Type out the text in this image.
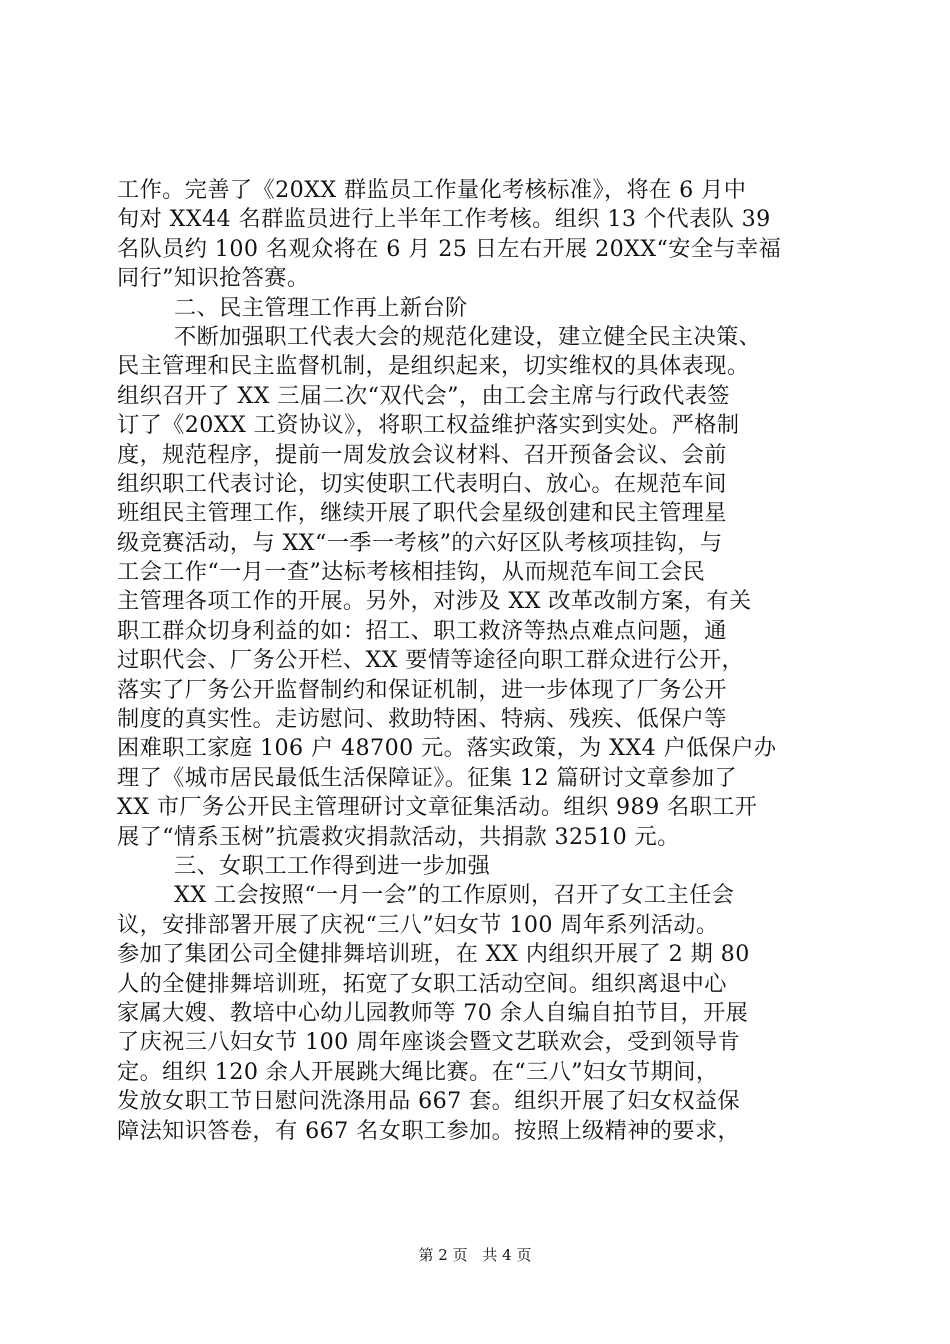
工作。完善了《20XX 群监员工作量化考核标准》，将在 6 月中
旬对 XX44 名群监员进行上半年工作考核。组织 13 个代表队 39
名队员约 100 名观众将在 6 月 25 日左右开展 20XX“安全与幸福
同行”知识抢答赛。
二、民主管理工作再上新台阶
不断加强职工代表大会的规范化建设，建立健全民主决策、
民主管理和民主监督机制，是组织起来，切实维权的具体表现。
组织召开了 XX 三届二次“双代会”，由工会主席与行政代表签
订了《20XX 工资协议》，将职工权益维护落实到实处。严格制
度，规范程序，提前一周发放会议材料、召开预备会议、会前
组织职工代表讨论，切实使职工代表明白、放心。在规范车间
班组民主管理工作，继续开展了职代会星级创建和民主管理星
级竞赛活动，与 XX“一季一考核”的六好区队考核项挂钩，与
工会工作“一月一查”达标考核相挂钩，从而规范车间工会民
主管理各项工作的开展。另外，对涉及 XX 改革改制方案，有关
职工群众切身利益的如：招工、职工救济等热点难点问题，通
过职代会、厂务公开栏、XX 要情等途径向职工群众进行公开，
落实了厂务公开监督制约和保证机制，进一步体现了厂务公开
制度的真实性。走访慰问、救助特困、特病、残疾、低保户等
困难职工家庭 106 户 48700 元。落实政策，为 XX4 户低保户办
理了《城市居民最低生活保障证》。征集 12 篇研讨文章参加了
XX 市厂务公开民主管理研讨文章征集活动。组织 989 名职工开
展了“情系玉树”抗震救灾捐款活动，共捐款 32510 元。
三、女职工工作得到进一步加强
XX 工会按照“一月一会”的工作原则，召开了女工主任会
议，安排部署开展了庆祝“三八”妇女节 100 周年系列活动。
参加了集团公司全健排舞培训班，在 XX 内组织开展了 2 期 80
人的全健排舞培训班，拓宽了女职工活动空间。组织离退中心
家属大嫂、教培中心幼儿园教师等 70 余人自编自拍节目，开展
了庆祝三八妇女节 100 周年座谈会暨文艺联欢会，受到领导肯
定。组织 120 余人开展跳大绳比赛。在“三八”妇女节期间，
发放女职工节日慰问洗涤用品 667 套。组织开展了妇女权益保
障法知识答卷，有 667 名女职工参加。按照上级精神的要求，
第 2 页 共 4 页
